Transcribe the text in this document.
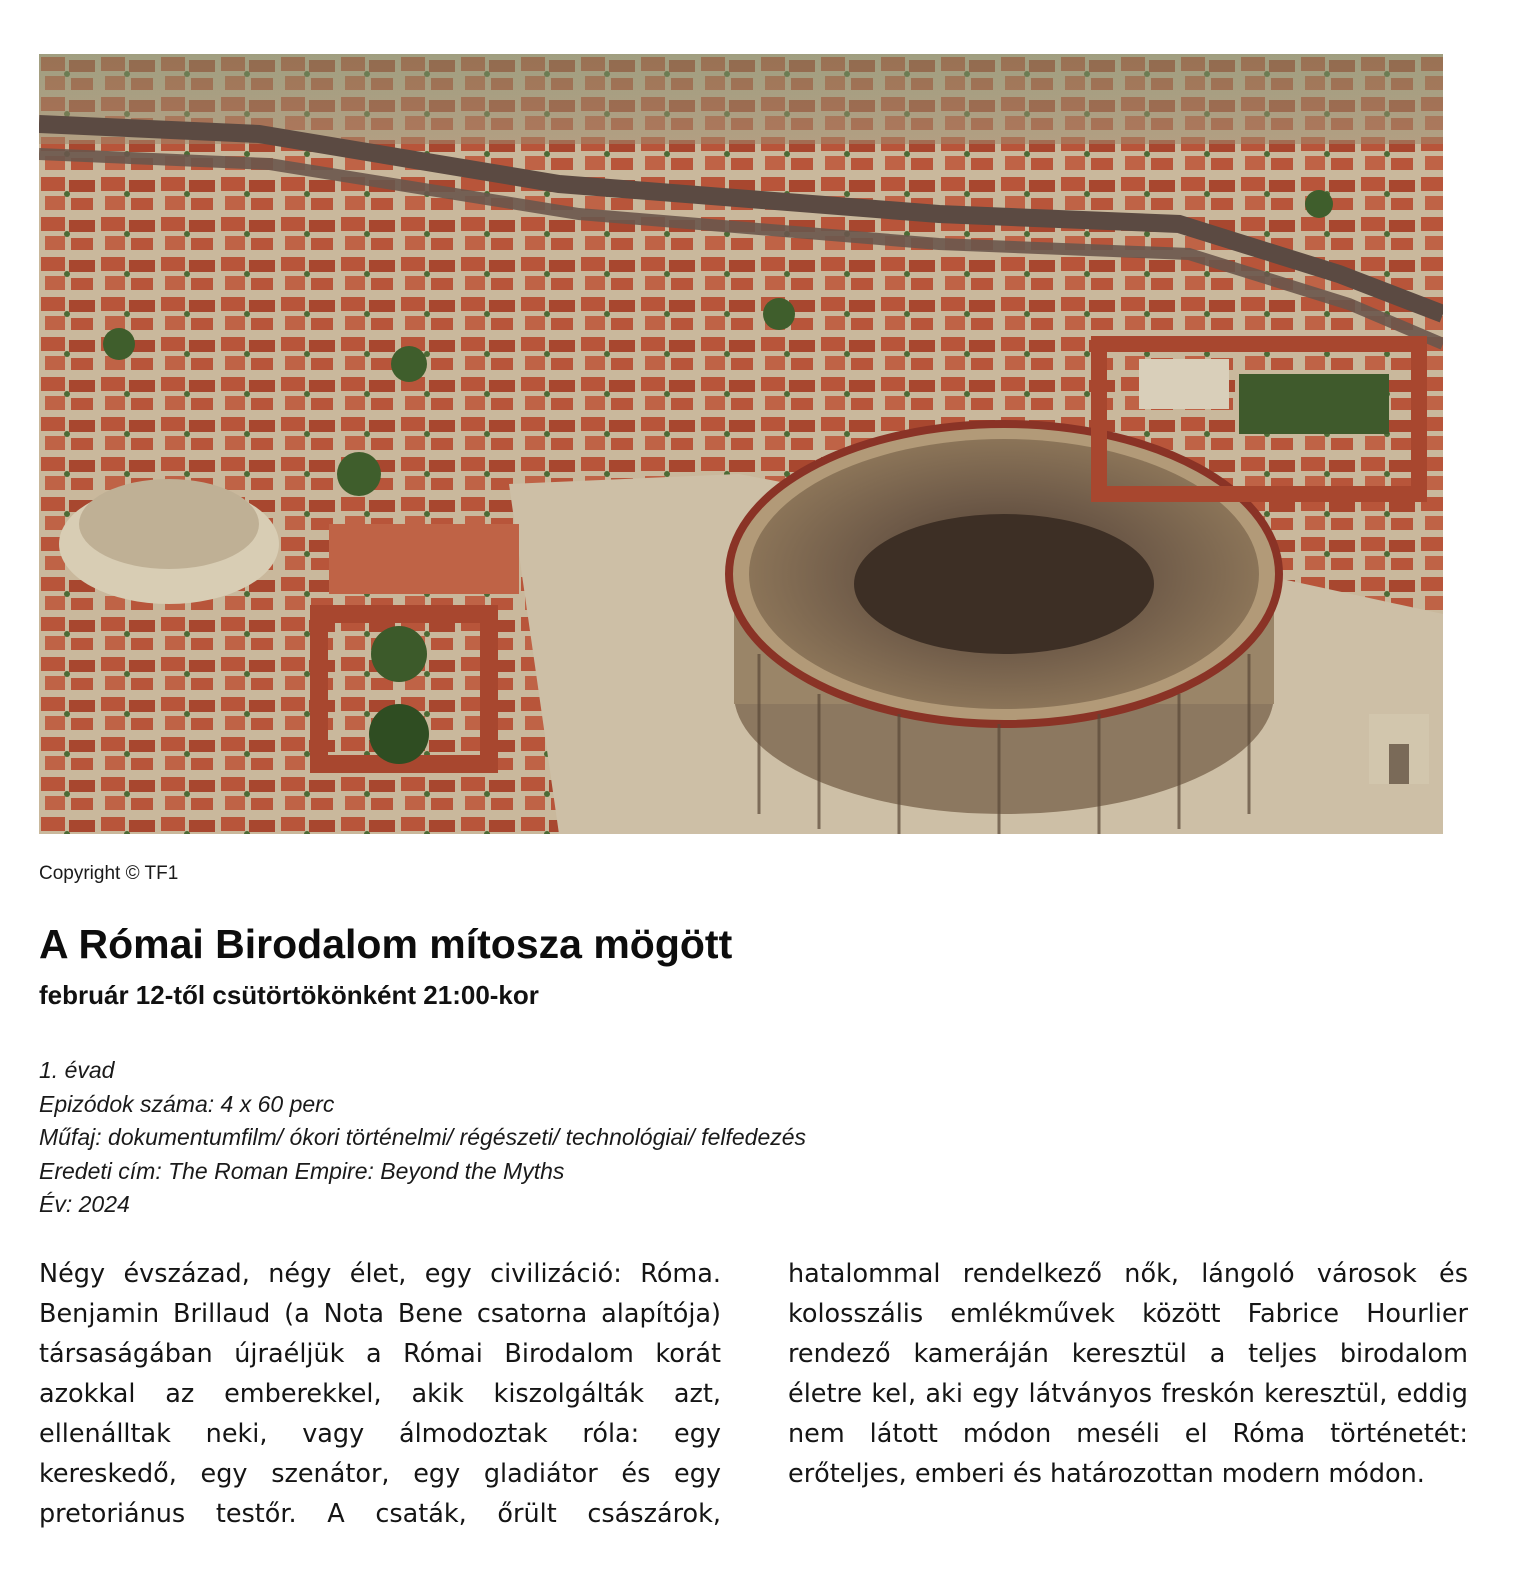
Copyright © TF1
A Római Birodalom mítosza mögött
február 12-től csütörtökönként 21:00-kor
1. évad
Epizódok száma: 4 x 60 perc
Műfaj: dokumentumfilm/ ókori történelmi/ régészeti/ technológiai/ felfedezés
Eredeti cím: The Roman Empire: Beyond the Myths
Év: 2024

Négy évszázad, négy élet, egy civilizáció: Róma. Benjamin Brillaud (a Nota Bene csatorna alapítója) társaságában újraéljük a Római Birodalom korát azokkal az emberekkel, akik kiszolgálták azt, ellenálltak neki, vagy álmodoztak róla: egy kereskedő, egy szenátor, egy gladiátor és egy pretoriánus testőr. A csaták, őrült császárok,

hatalommal rendelkező nők, lángoló városok és kolosszális emlékművek között Fabrice Hourlier rendező kameráján keresztül a teljes birodalom életre kel, aki egy látványos freskón keresztül, eddig nem látott módon meséli el Róma történetét: erőteljes, emberi és határozottan modern módon.
